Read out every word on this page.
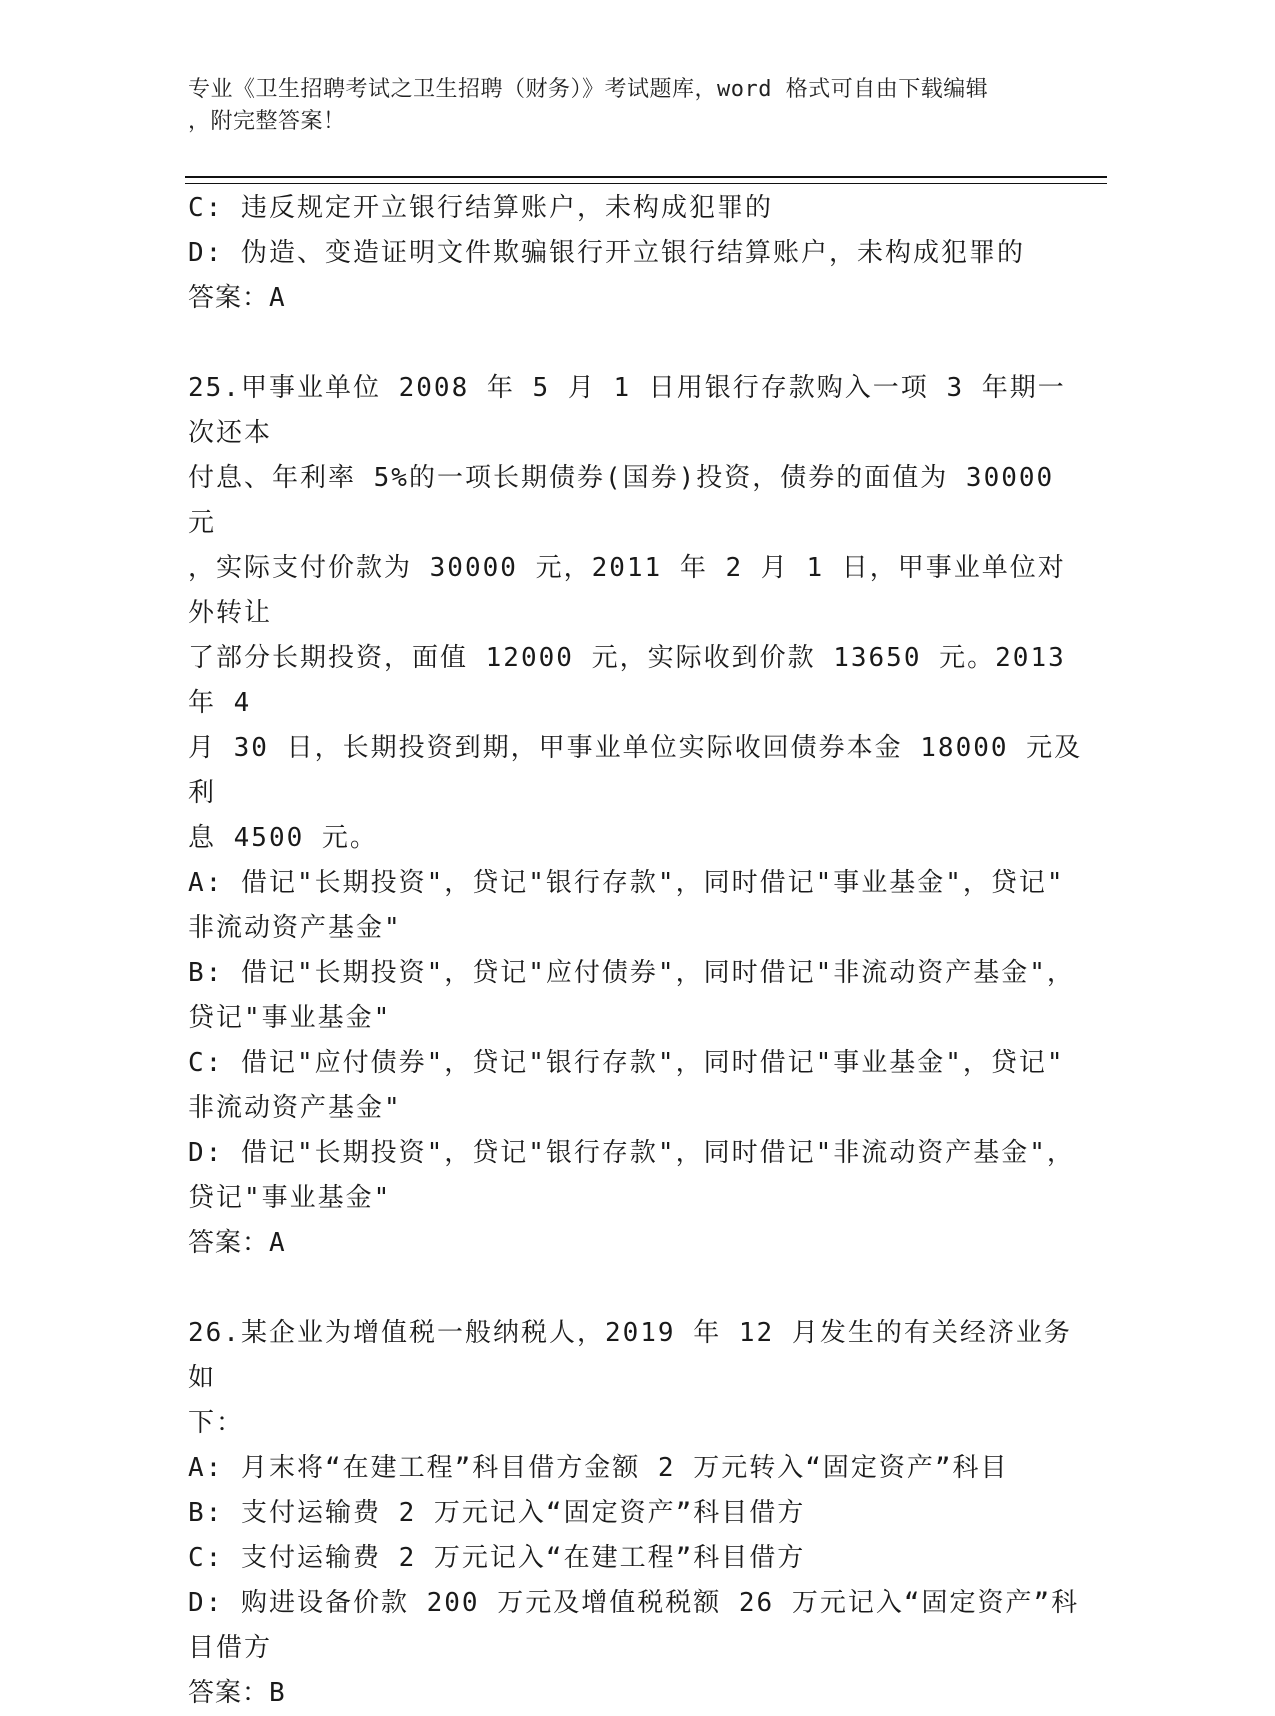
专业《卫生招聘考试之卫生招聘（财务）》考试题库，word 格式可自由下载编辑
，附完整答案！
C: 违反规定开立银行结算账户，未构成犯罪的
D: 伪造、变造证明文件欺骗银行开立银行结算账户，未构成犯罪的
答案：A
25.甲事业单位 2008 年 5 月 1 日用银行存款购入一项 3 年期一次还本
付息、年利率 5%的一项长期债券(国券)投资，债券的面值为 30000 元
，实际支付价款为 30000 元，2011 年 2 月 1 日，甲事业单位对外转让
了部分长期投资，面值 12000 元，实际收到价款 13650 元。2013 年 4
月 30 日，长期投资到期，甲事业单位实际收回债券本金 18000 元及利
息 4500 元。
A: 借记"长期投资"，贷记"银行存款"，同时借记"事业基金"，贷记"
非流动资产基金"
B: 借记"长期投资"，贷记"应付债券"，同时借记"非流动资产基金"，
贷记"事业基金"
C: 借记"应付债券"，贷记"银行存款"，同时借记"事业基金"，贷记"
非流动资产基金"
D: 借记"长期投资"，贷记"银行存款"，同时借记"非流动资产基金"，
贷记"事业基金"
答案：A
26.某企业为增值税一般纳税人，2019 年 12 月发生的有关经济业务如
下：
A: 月末将“在建工程”科目借方金额 2 万元转入“固定资产”科目
B: 支付运输费 2 万元记入“固定资产”科目借方
C: 支付运输费 2 万元记入“在建工程”科目借方
D: 购进设备价款 200 万元及增值税税额 26 万元记入“固定资产”科
目借方
答案：B
